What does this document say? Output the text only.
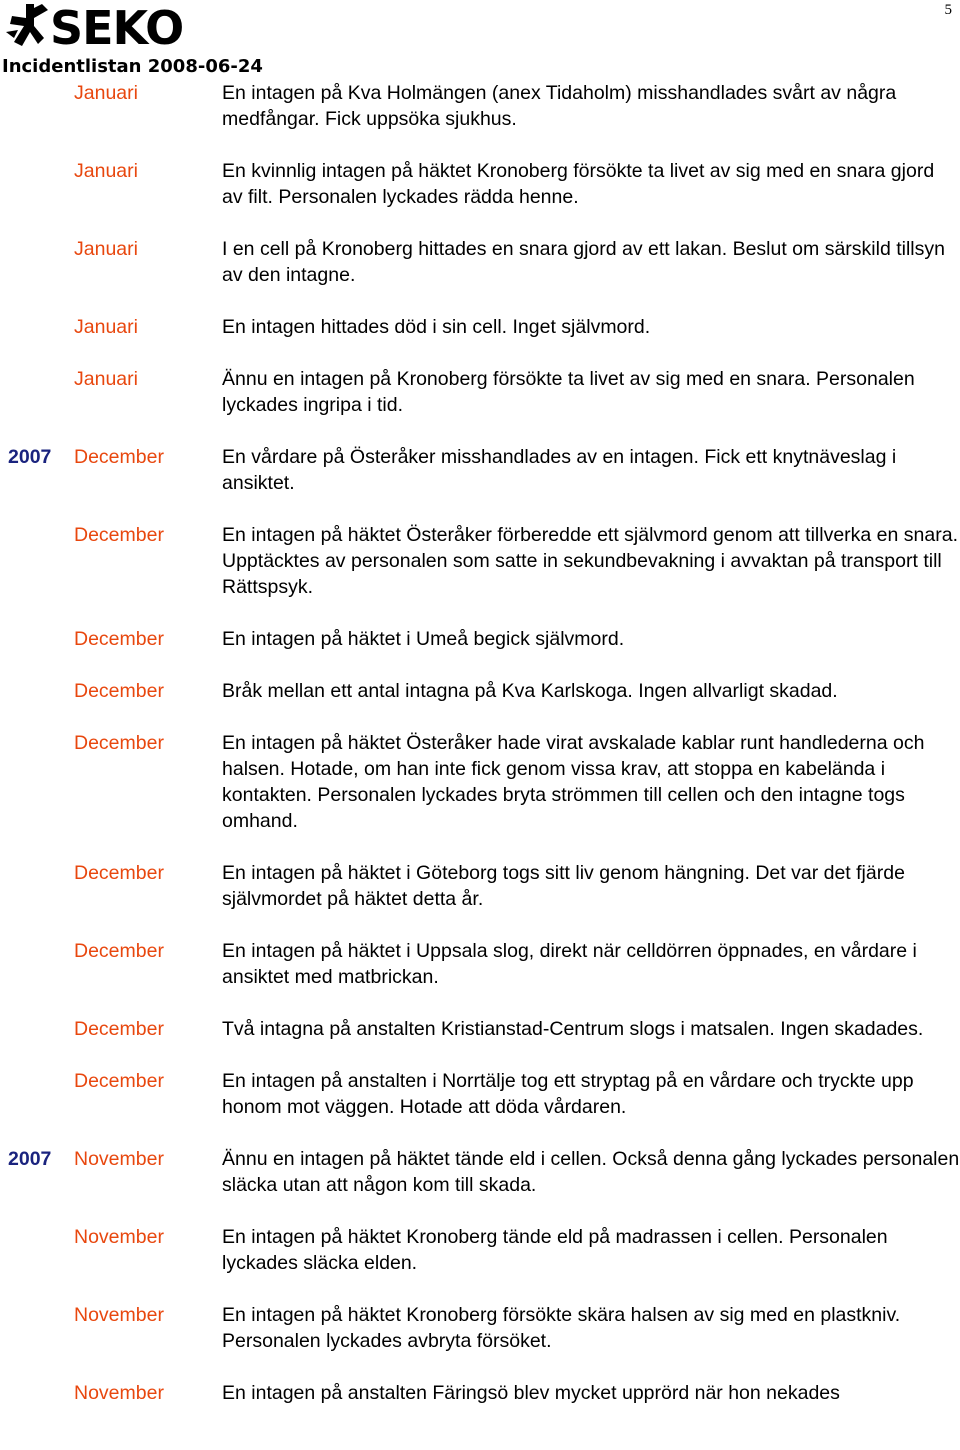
SEKO
Incidentlistan 2008-06-24
5
Januari	En intagen på Kva Holmängen (anex Tidaholm) misshandlades svårt av några medfångar. Fick uppsöka sjukhus.
Januari	En kvinnlig intagen på häktet Kronoberg försökte ta livet av sig med en snara gjord av filt. Personalen lyckades rädda henne.
Januari	I en cell på Kronoberg hittades en snara gjord av ett lakan. Beslut om särskild tillsyn av den intagne.
Januari	En intagen hittades död i sin cell. Inget självmord.
Januari	Ännu en intagen på Kronoberg försökte ta livet av sig med en snara. Personalen lyckades ingripa i tid.
2007	December	En vårdare på Österåker misshandlades av en intagen. Fick ett knytnäveslag i ansiktet.
December	En intagen på häktet Österåker förberedde ett självmord genom att tillverka en snara. Upptäcktes av personalen som satte in sekundbevakning i avvaktan på transport till Rättspsyk.
December	En intagen på häktet i Umeå begick självmord.
December	Bråk mellan ett antal intagna på Kva Karlskoga. Ingen allvarligt skadad.
December	En intagen på häktet Österåker hade virat avskalade kablar runt handlederna och halsen. Hotade, om han inte fick genom vissa krav, att stoppa en kabelända i kontakten. Personalen lyckades bryta strömmen till cellen och den intagne togs omhand.
December	En intagen på häktet i Göteborg togs sitt liv genom hängning. Det var det fjärde självmordet på häktet detta år.
December	En intagen på häktet i Uppsala slog, direkt när celldörren öppnades, en vårdare i ansiktet med matbrickan.
December	Två intagna på anstalten Kristianstad-Centrum slogs i matsalen. Ingen skadades.
December	En intagen på anstalten i Norrtälje tog ett stryptag på en vårdare och tryckte upp honom mot väggen. Hotade att döda vårdaren.
2007	November	Ännu en intagen på häktet tände eld i cellen. Också denna gång lyckades personalen släcka utan att någon kom till skada.
November	En intagen på häktet Kronoberg tände eld på madrassen i cellen. Personalen lyckades släcka elden.
November	En intagen på häktet Kronoberg försökte skära halsen av sig med en plastkniv. Personalen lyckades avbryta försöket.
November	En intagen på anstalten Färingsö blev mycket upprörd när hon nekades
